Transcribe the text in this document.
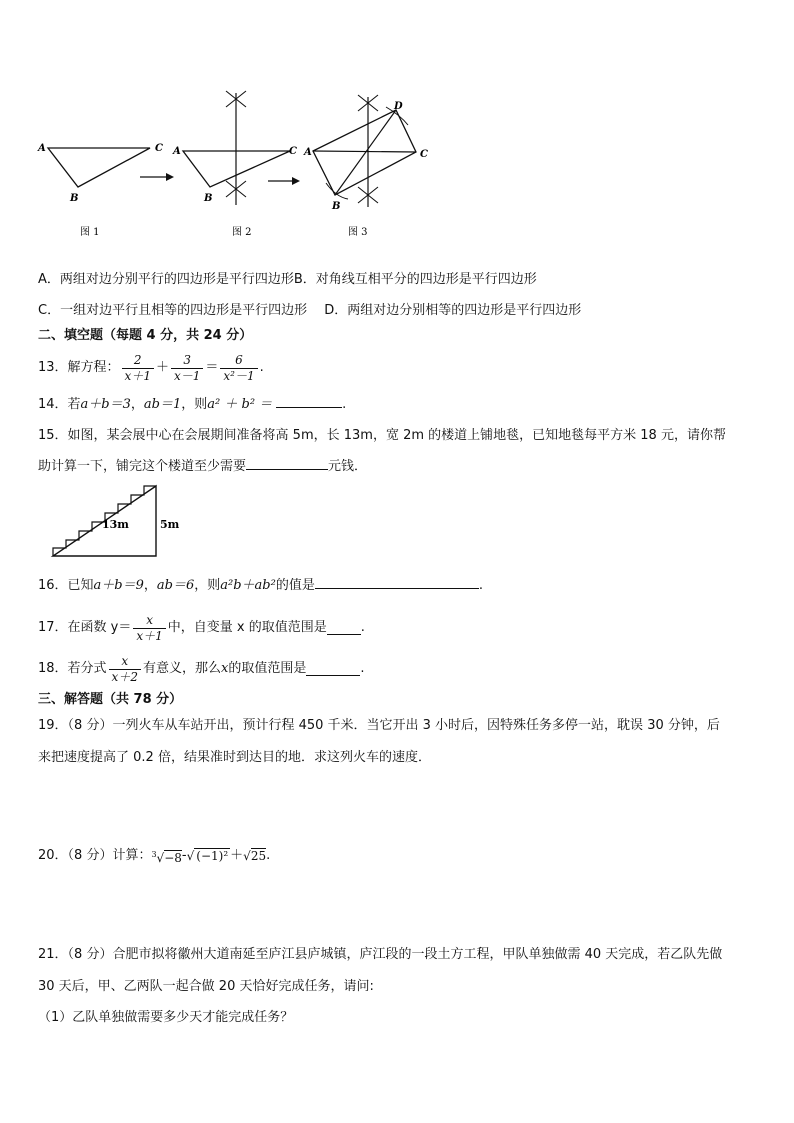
A	C
B
图 1
A	C
B
图 2
A	C
B
D
图 3
A．两组对边分别平行的四边形是平行四边形B．对角线互相平分的四边形是平行四边形
C．一组对边平行且相等的四边形是平行四边形　 D．两组对边分别相等的四边形是平行四边形
二、填空题（每题 4 分，共 24 分）
13．解方程： $\frac{2}{x+1} + \frac{3}{x-1} = \frac{6}{\text{x²－1}}$ .
14．若a＋b＝3，ab＝1，则a² ＋ b² ＝	.
15．如图，某会展中心在会展期间准备将高 5m，长 13m，宽 2m 的楼道上铺地毯，已知地毯每平方米 18 元，请你帮
助计算一下，铺完这个楼道至少需要	元钱．
13m	5m
16．已知a＋b＝9，ab＝6，则a²b＋ab²的值是	.
17．在函数 $y= \frac{x}{x+1}$ 中，自变量 x 的取值范围是	.
18．若分式 $\frac{x}{x+2}$ 有意义，那么 x 的取值范围是	.
三、解答题（共 78 分）
19．（8 分）一列火车从车站开出，预计行程 450 千米．当它开出 3 小时后，因特殊任务多停一站，耽误 30 分钟，后
来把速度提高了 0.2 倍，结果准时到达目的地．求这列火车的速度．
20．（8 分）计算： $^3$√−8 - √ (−1)² ＋ √25 .
21．（8 分）合肥市拟将徽州大道南延至庐江县庐城镇，庐江段的一段土方工程，甲队单独做需 40 天完成，若乙队先做
30 天后，甲、乙两队一起合做 20 天恰好完成任务，请问:
（1）乙队单独做需要多少天才能完成任务？
